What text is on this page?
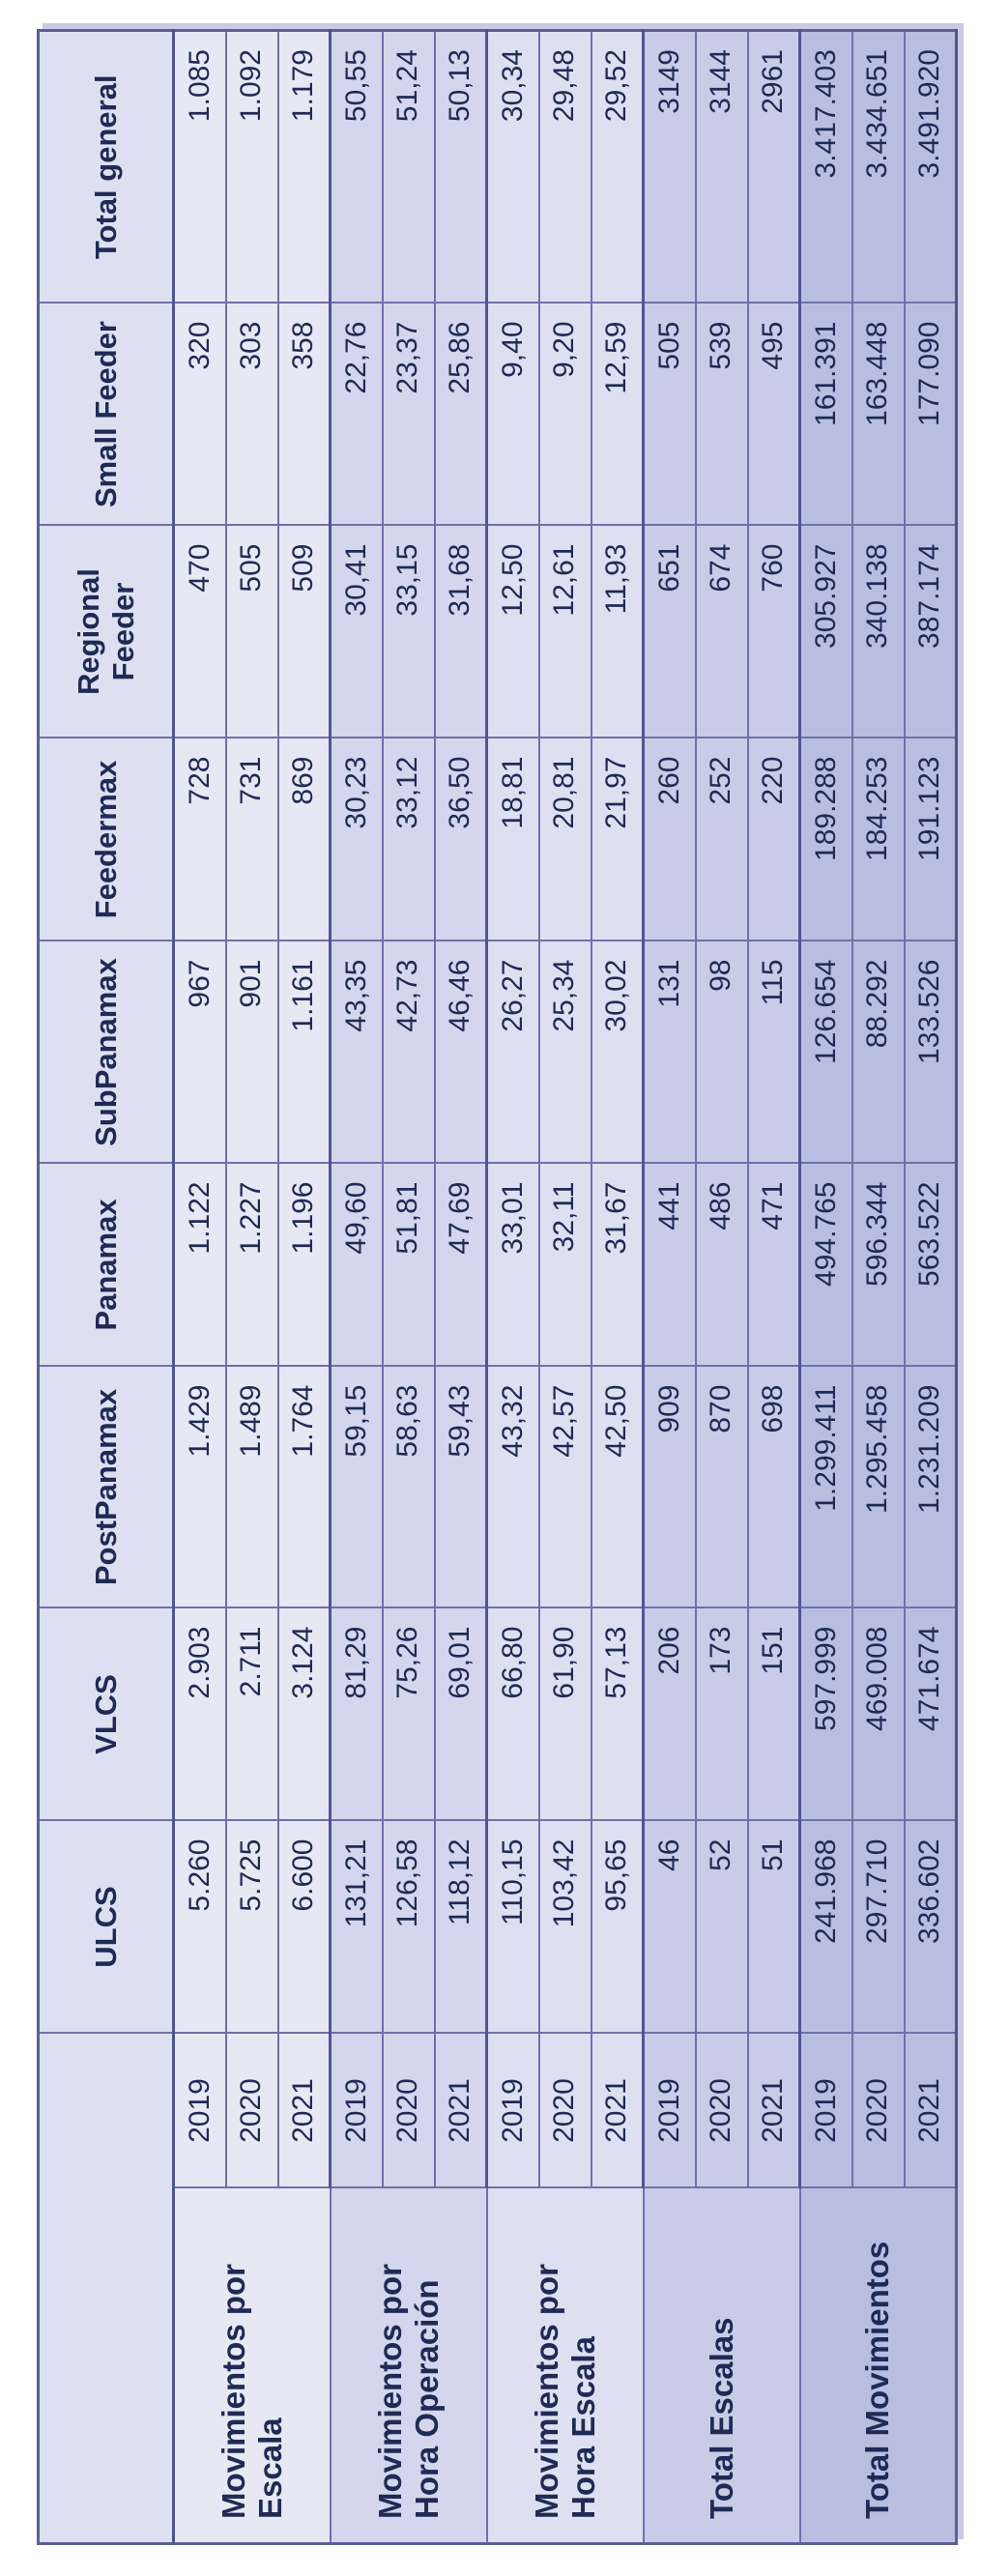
		ULCS	VLCS	PostPanamax	Panamax	SubPanamax	Feedermax	Regional Feeder	Small Feeder	Total general
Movimientos por Escala	2019	5.260	2.903	1.429	1.122	967	728	470	320	1.085
	2020	5.725	2.711	1.489	1.227	901	731	505	303	1.092
	2021	6.600	3.124	1.764	1.196	1.161	869	509	358	1.179
Movimientos por Hora Operación	2019	131,21	81,29	59,15	49,60	43,35	30,23	30,41	22,76	50,55
	2020	126,58	75,26	58,63	51,81	42,73	33,12	33,15	23,37	51,24
	2021	118,12	69,01	59,43	47,69	46,46	36,50	31,68	25,86	50,13
Movimientos por Hora Escala	2019	110,15	66,80	43,32	33,01	26,27	18,81	12,50	9,40	30,34
	2020	103,42	61,90	42,57	32,11	25,34	20,81	12,61	9,20	29,48
	2021	95,65	57,13	42,50	31,67	30,02	21,97	11,93	12,59	29,52
Total Escalas	2019	46	206	909	441	131	260	651	505	3149
	2020	52	173	870	486	98	252	674	539	3144
	2021	51	151	698	471	115	220	760	495	2961
Total Movimientos	2019	241.968	597.999	1.299.411	494.765	126.654	189.288	305.927	161.391	3.417.403
	2020	297.710	469.008	1.295.458	596.344	88.292	184.253	340.138	163.448	3.434.651
	2021	336.602	471.674	1.231.209	563.522	133.526	191.123	387.174	177.090	3.491.920
